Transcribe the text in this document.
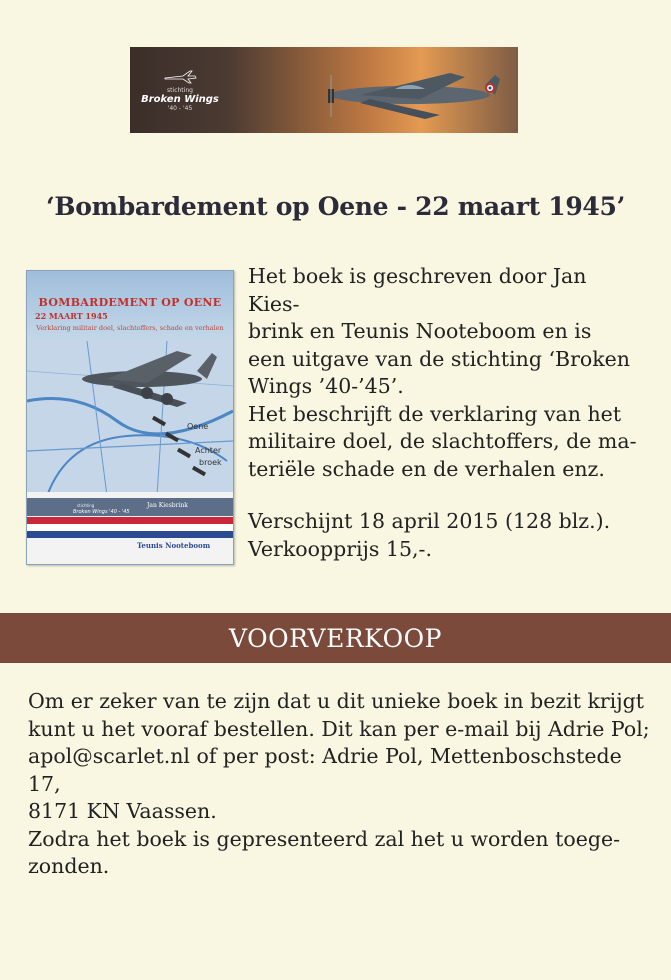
stichting
Broken Wings
'40 - '45
‘Bombardement op Oene - 22 maart 1945’
BOMBARDEMENT OP OENE
22 MAART 1945
Verklaring militair doel, slachtoffers, schade en verhalen
Oene
Achter
broek
stichting
Broken Wings '40 - '45
Jan Kiesbrink
Teunis Nooteboom

Het boek is geschreven door Jan Kies-

brink en Teunis Nooteboom en is

een uitgave van de stichting ‘Broken

Wings ’40-’45’.

Het beschrijft de verklaring van het

militaire doel, de slachtoffers, de ma-

teriële schade en de verhalen enz.

Verschijnt 18 april 2015 (128 blz.).

Verkoopprijs 15,-.

VOORVERKOOP

Om er zeker van te zijn dat u dit unieke boek in bezit krijgt

kunt u het vooraf bestellen. Dit kan per e-mail bij Adrie Pol;

apol@scarlet.nl of per post: Adrie Pol, Mettenboschstede 17,

8171 KN Vaassen.

Zodra het boek is gepresenteerd zal het u worden toege-

zonden.
